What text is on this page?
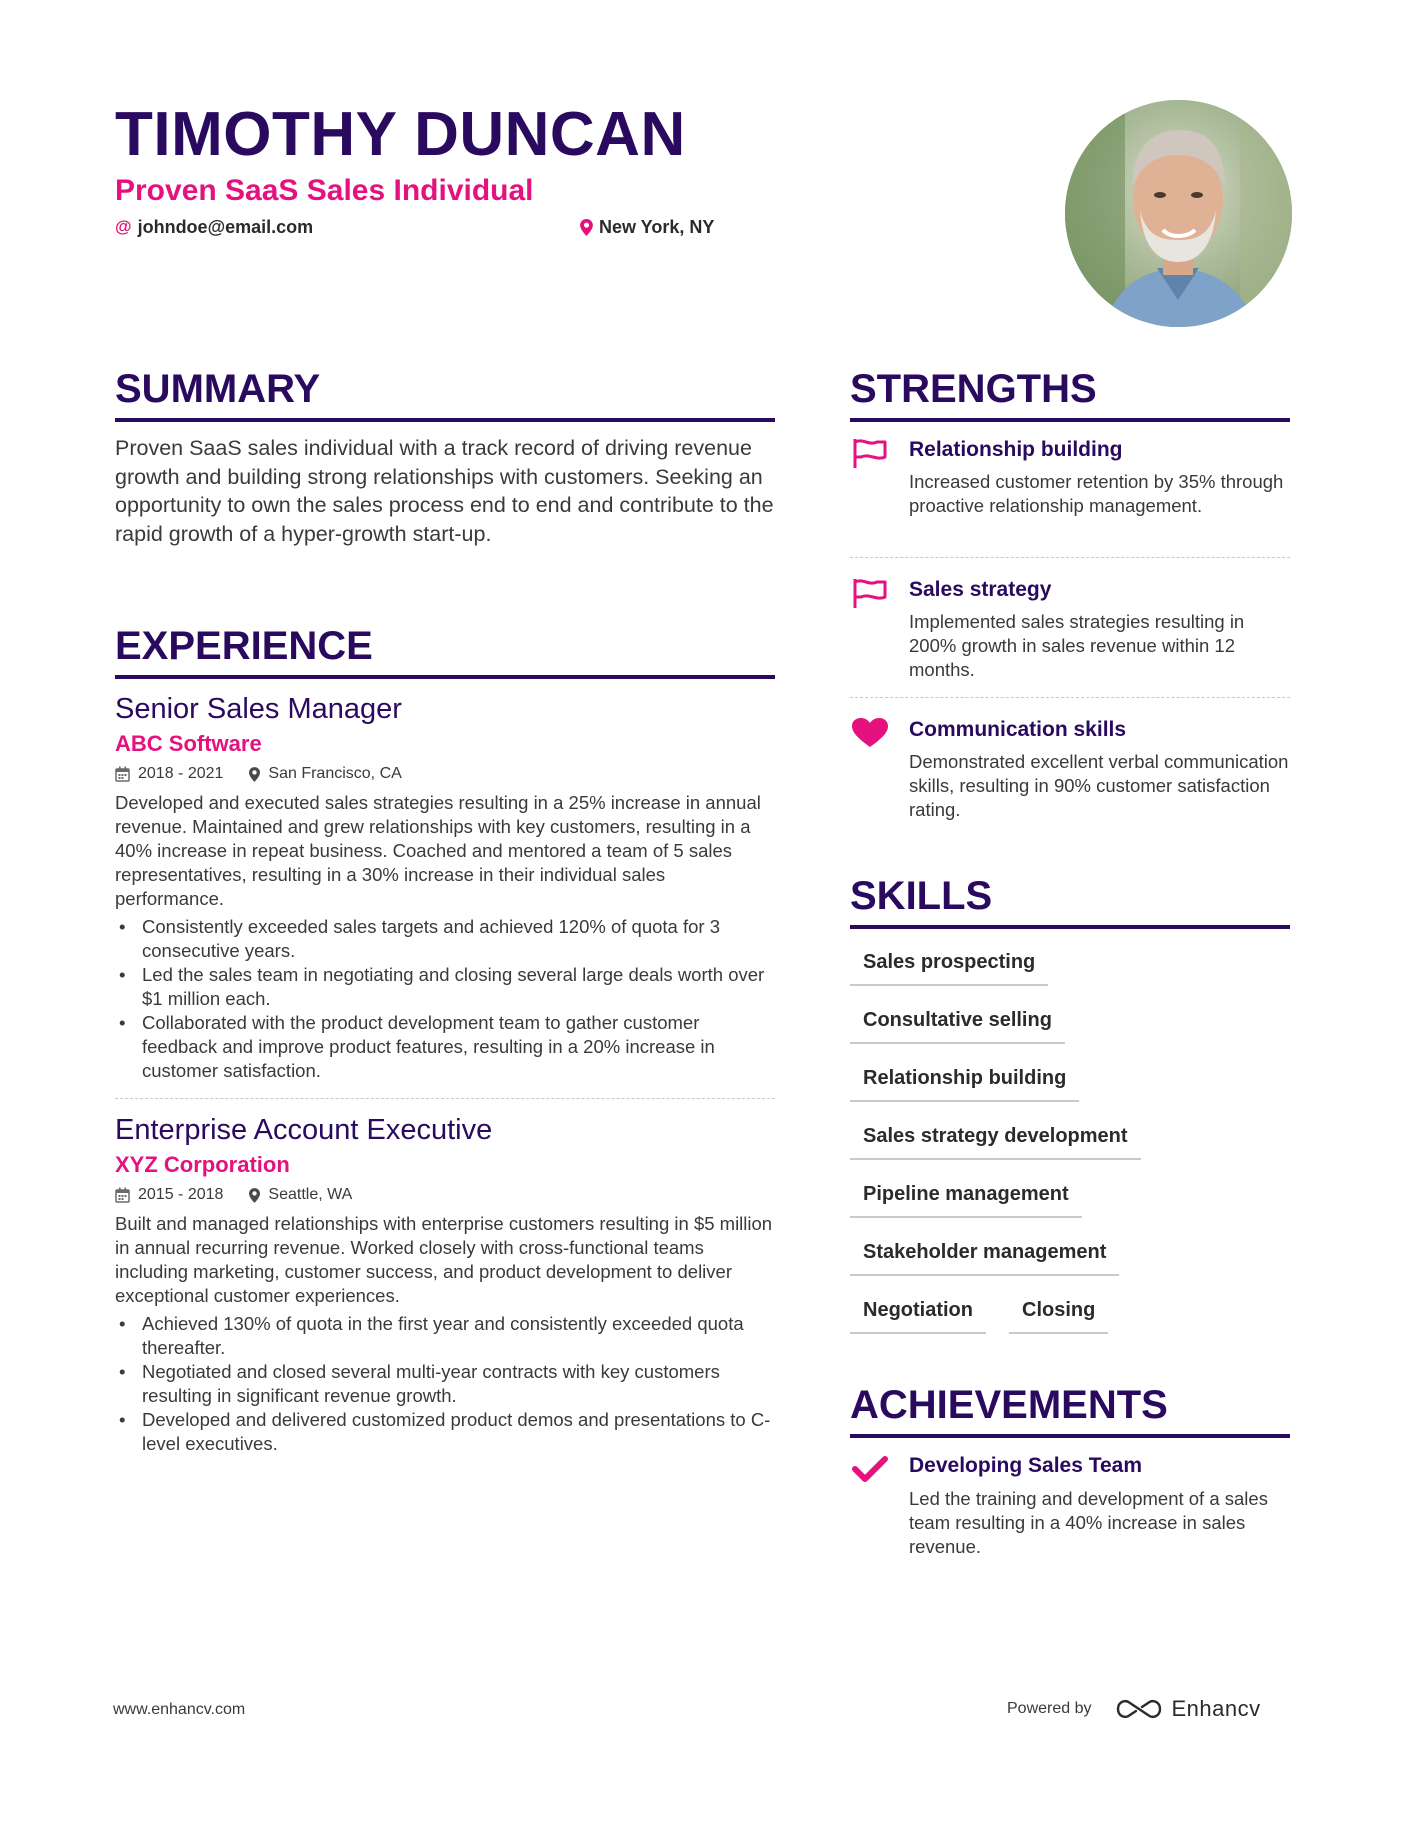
TIMOTHY DUNCAN
Proven SaaS Sales Individual
@ johndoe@email.com	New York, NY
SUMMARY
Proven SaaS sales individual with a track record of driving revenue growth and building strong relationships with customers. Seeking an opportunity to own the sales process end to end and contribute to the rapid growth of a hyper-growth start-up.
EXPERIENCE
Senior Sales Manager
ABC Software
2018 - 2021	San Francisco, CA
Developed and executed sales strategies resulting in a 25% increase in annual revenue. Maintained and grew relationships with key customers, resulting in a 40% increase in repeat business. Coached and mentored a team of 5 sales representatives, resulting in a 30% increase in their individual sales performance.
• Consistently exceeded sales targets and achieved 120% of quota for 3 consecutive years.
• Led the sales team in negotiating and closing several large deals worth over $1 million each.
• Collaborated with the product development team to gather customer feedback and improve product features, resulting in a 20% increase in customer satisfaction.
Enterprise Account Executive
XYZ Corporation
2015 - 2018	Seattle, WA
Built and managed relationships with enterprise customers resulting in $5 million in annual recurring revenue. Worked closely with cross-functional teams including marketing, customer success, and product development to deliver exceptional customer experiences.
• Achieved 130% of quota in the first year and consistently exceeded quota thereafter.
• Negotiated and closed several multi-year contracts with key customers resulting in significant revenue growth.
• Developed and delivered customized product demos and presentations to C-level executives.
STRENGTHS
Relationship building
Increased customer retention by 35% through proactive relationship management.
Sales strategy
Implemented sales strategies resulting in 200% growth in sales revenue within 12 months.
Communication skills
Demonstrated excellent verbal communication skills, resulting in 90% customer satisfaction rating.
SKILLS
Sales prospecting
Consultative selling
Relationship building
Sales strategy development
Pipeline management
Stakeholder management
Negotiation	Closing
ACHIEVEMENTS
Developing Sales Team
Led the training and development of a sales team resulting in a 40% increase in sales revenue.
www.enhancv.com	Powered by	Enhancv
